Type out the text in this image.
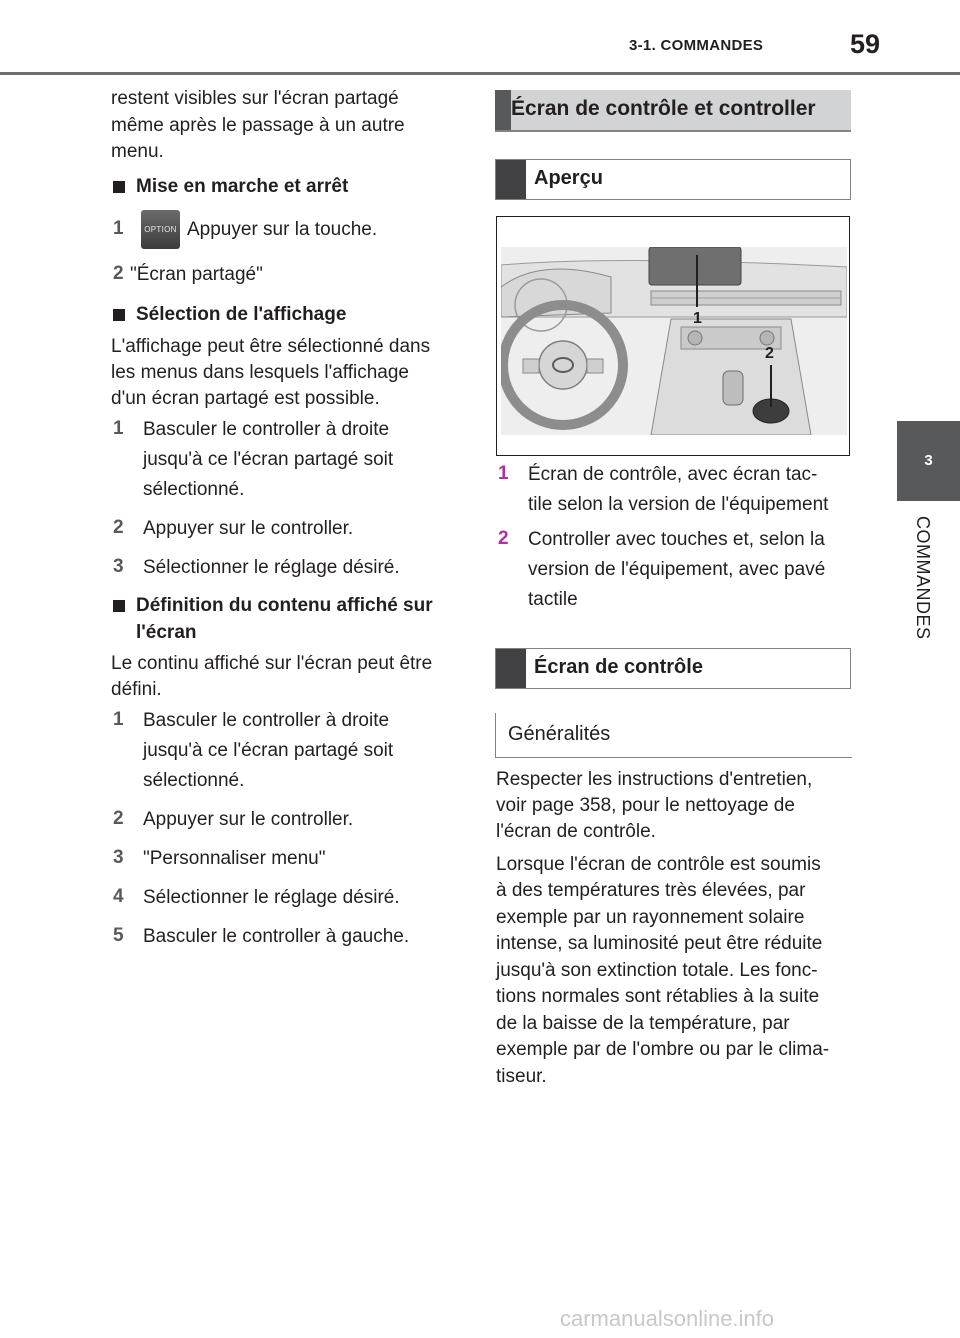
3-1. COMMANDES	59
3
COMMANDES
restent visibles sur l'écran partagé
même après le passage à un autre
menu.
Mise en marche et arrêt
1	OPTION Appuyer sur la touche.
2 "Écran partagé"
Sélection de l'affichage
L'affichage peut être sélectionné dans
les menus dans lesquels l'affichage
d'un écran partagé est possible.
1 Basculer le controller à droite
jusqu'à ce l'écran partagé soit
sélectionné.
2 Appuyer sur le controller.
3 Sélectionner le réglage désiré.
Définition du contenu affiché sur
l'écran
Le continu affiché sur l'écran peut être
défini.
1 Basculer le controller à droite
jusqu'à ce l'écran partagé soit
sélectionné.
2 Appuyer sur le controller.
3 "Personnaliser menu"
4 Sélectionner le réglage désiré.
5 Basculer le controller à gauche.
Écran de contrôle et controller
Aperçu
1
2
1 Écran de contrôle, avec écran tac-
tile selon la version de l'équipement
2 Controller avec touches et, selon la
version de l'équipement, avec pavé
tactile
Écran de contrôle
Généralités
Respecter les instructions d'entretien,
voir page 358, pour le nettoyage de
l'écran de contrôle.
Lorsque l'écran de contrôle est soumis
à des températures très élevées, par
exemple par un rayonnement solaire
intense, sa luminosité peut être réduite
jusqu'à son extinction totale. Les fonc-
tions normales sont rétablies à la suite
de la baisse de la température, par
exemple par de l'ombre ou par le clima-
tiseur.
carmanualsonline.info
